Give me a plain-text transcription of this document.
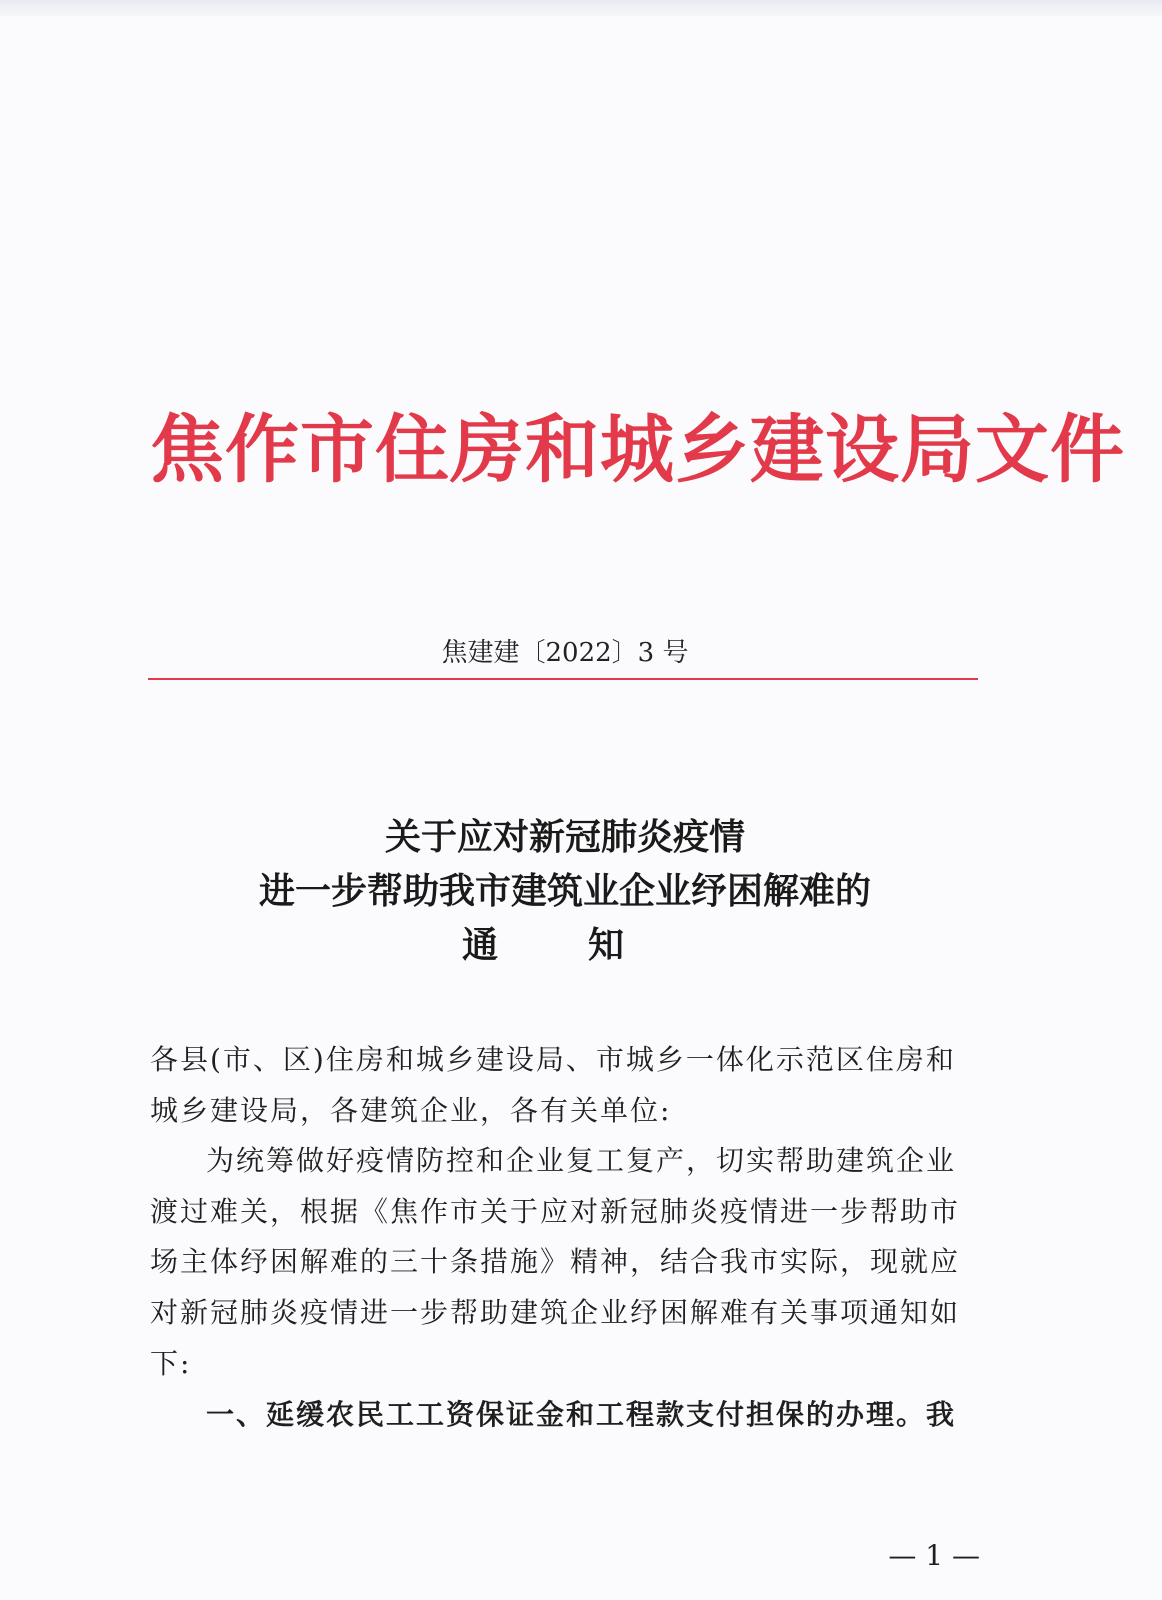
焦作市住房和城乡建设局文件
焦建建〔2022〕3 号
关于应对新冠肺炎疫情
进一步帮助我市建筑业企业纾困解难的
通 知
各县(市、区)住房和城乡建设局、市城乡一体化示范区住房和
城乡建设局，各建筑企业，各有关单位:
为统筹做好疫情防控和企业复工复产，切实帮助建筑企业
渡过难关，根据《焦作市关于应对新冠肺炎疫情进一步帮助市
场主体纾困解难的三十条措施》精神，结合我市实际，现就应
对新冠肺炎疫情进一步帮助建筑企业纾困解难有关事项通知如
下:
一、延缓农民工工资保证金和工程款支付担保的办理。我
— 1 —
